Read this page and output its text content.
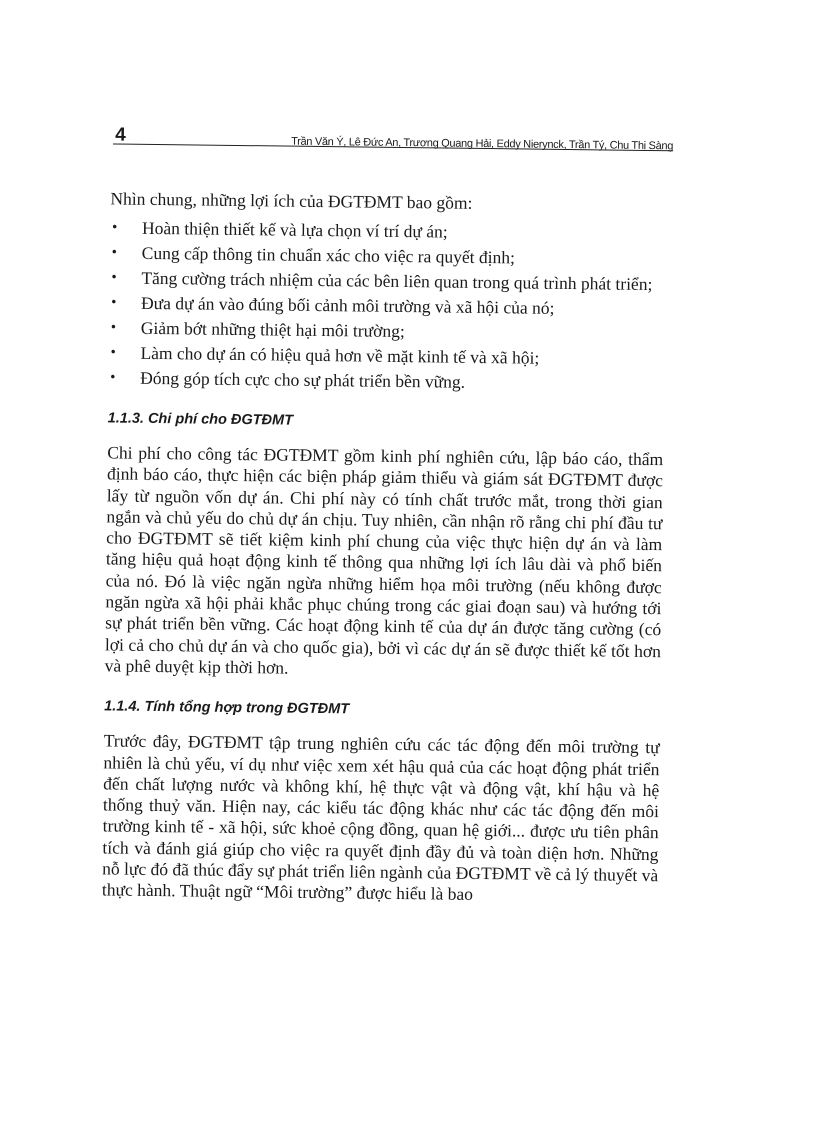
4	Trần Văn Ý, Lê Đức An, Trương Quang Hải, Eddy Nierynck, Trần Tý, Chu Thị Sàng

Nhìn chung, những lợi ích của ĐGTĐMT bao gồm:

• Hoàn thiện thiết kế và lựa chọn ví trí dự án;
• Cung cấp thông tin chuẩn xác cho việc ra quyết định;
• Tăng cường trách nhiệm của các bên liên quan trong quá trình phát triển;
• Đưa dự án vào đúng bối cảnh môi trường và xã hội của nó;
• Giảm bớt những thiệt hại môi trường;
• Làm cho dự án có hiệu quả hơn về mặt kinh tế và xã hội;
• Đóng góp tích cực cho sự phát triển bền vững.
1.1.3. Chi phí cho ĐGTĐMT

Chi phí cho công tác ĐGTĐMT gồm kinh phí nghiên cứu, lập báo cáo, thẩm định báo cáo, thực hiện các biện pháp giảm thiểu và giám sát ĐGTĐMT được lấy từ nguồn vốn dự án. Chi phí này có tính chất trước mắt, trong thời gian ngắn và chủ yếu do chủ dự án chịu. Tuy nhiên, cần nhận rõ rằng chi phí đầu tư cho ĐGTĐMT sẽ tiết kiệm kinh phí chung của việc thực hiện dự án và làm tăng hiệu quả hoạt động kinh tế thông qua những lợi ích lâu dài và phổ biến của nó. Đó là việc ngăn ngừa những hiểm họa môi trường (nếu không được ngăn ngừa xã hội phải khắc phục chúng trong các giai đoạn sau) và hướng tới sự phát triển bền vững. Các hoạt động kinh tế của dự án được tăng cường (có lợi cả cho chủ dự án và cho quốc gia), bởi vì các dự án sẽ được thiết kế tốt hơn và phê duyệt kịp thời hơn.

1.1.4. Tính tổng hợp trong ĐGTĐMT

Trước đây, ĐGTĐMT tập trung nghiên cứu các tác động đến môi trường tự nhiên là chủ yếu, ví dụ như việc xem xét hậu quả của các hoạt động phát triển đến chất lượng nước và không khí, hệ thực vật và động vật, khí hậu và hệ thống thuỷ văn. Hiện nay, các kiểu tác động khác như các tác động đến môi trường kinh tế - xã hội, sức khoẻ cộng đồng, quan hệ giới... được ưu tiên phân tích và đánh giá giúp cho việc ra quyết định đầy đủ và toàn diện hơn. Những nỗ lực đó đã thúc đẩy sự phát triển liên ngành của ĐGTĐMT về cả lý thuyết và thực hành. Thuật ngữ “Môi trường” được hiểu là bao
